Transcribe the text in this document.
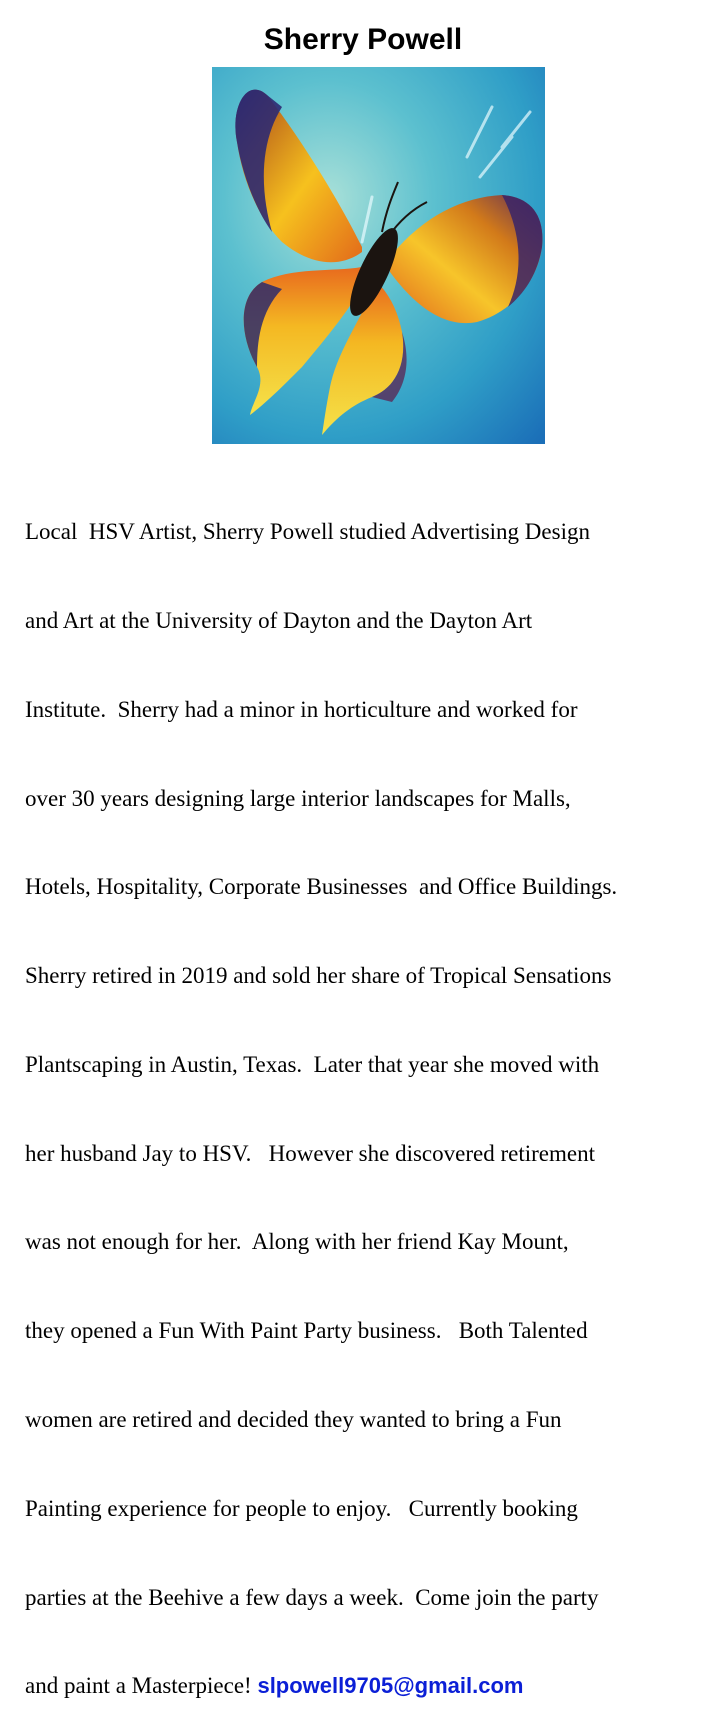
Sherry Powell

Local  HSV Artist, Sherry Powell studied Advertising Design

and Art at the University of Dayton and the Dayton Art

Institute.  Sherry had a minor in horticulture and worked for

over 30 years designing large interior landscapes for Malls,

Hotels, Hospitality, Corporate Businesses  and Office Buildings.

Sherry retired in 2019 and sold her share of Tropical Sensations

Plantscaping in Austin, Texas.  Later that year she moved with

her husband Jay to HSV.   However she discovered retirement

was not enough for her.  Along with her friend Kay Mount,

they opened a Fun With Paint Party business.   Both Talented

women are retired and decided they wanted to bring a Fun

Painting experience for people to enjoy.   Currently booking

parties at the Beehive a few days a week.  Come join the party

and paint a Masterpiece! slpowell9705@gmail.com
